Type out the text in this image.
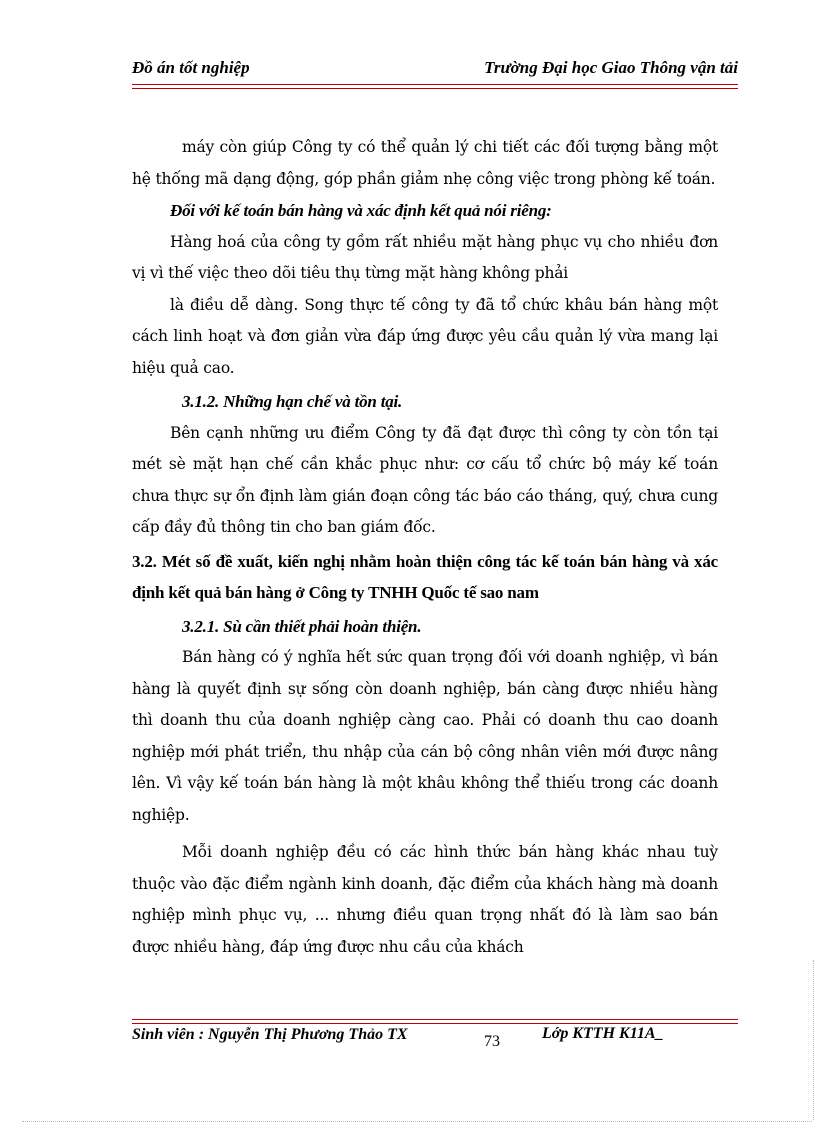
Đồ án tốt nghiệp	Trường Đại học Giao Thông vận tải

máy còn giúp Công ty có thể quản lý chi tiết các đối tượng bằng một hệ thống mã dạng động, góp phần giảm nhẹ công việc trong phòng kế toán.

Đối với kế toán bán hàng và xác định kết quả nói riêng:

Hàng hoá của công ty gồm rất nhiều mặt hàng phục vụ cho nhiều đơn vị vì thế việc theo dõi tiêu thụ từng mặt hàng không phải

là điều dễ dàng. Song thực tế công ty đã tổ chức khâu bán hàng một cách linh hoạt và đơn giản vừa đáp ứng được yêu cầu quản lý vừa mang lại hiệu quả cao.

3.1.2. Những hạn chế và tồn tại.

Bên cạnh những ưu điểm Công ty đã đạt được thì công ty còn tồn tại mét sè mặt hạn chế cần khắc phục như: cơ cấu tổ chức bộ máy kế toán chưa thực sự ổn định làm gián đoạn công tác báo cáo tháng, quý, chưa cung cấp đầy đủ thông tin cho ban giám đốc.

3.2. Mét số đề xuất, kiến nghị nhằm hoàn thiện công tác kế toán bán hàng và xác định kết quả bán hàng ở Công ty TNHH Quốc tế sao nam

3.2.1. Sù cần thiết phải hoàn thiện.

Bán hàng có ý nghĩa hết sức quan trọng đối với doanh nghiệp, vì bán hàng là quyết định sự sống còn doanh nghiệp, bán càng được nhiều hàng thì doanh thu của doanh nghiệp càng cao. Phải có doanh thu cao doanh nghiệp mới phát triển, thu nhập của cán bộ công nhân viên mới được nâng lên. Vì vậy kế toán bán hàng là một khâu không thể thiếu trong các doanh nghiệp.

Mỗi doanh nghiệp đều có các hình thức bán hàng khác nhau tuỳ thuộc vào đặc điểm ngành kinh doanh, đặc điểm của khách hàng mà doanh nghiệp mình phục vụ, ... nhưng điều quan trọng nhất đó là làm sao bán được nhiều hàng, đáp ứng được nhu cầu của khách

Sinh viên : Nguyễn Thị Phương Thảo TX	73	Lớp KTTH K11A_
